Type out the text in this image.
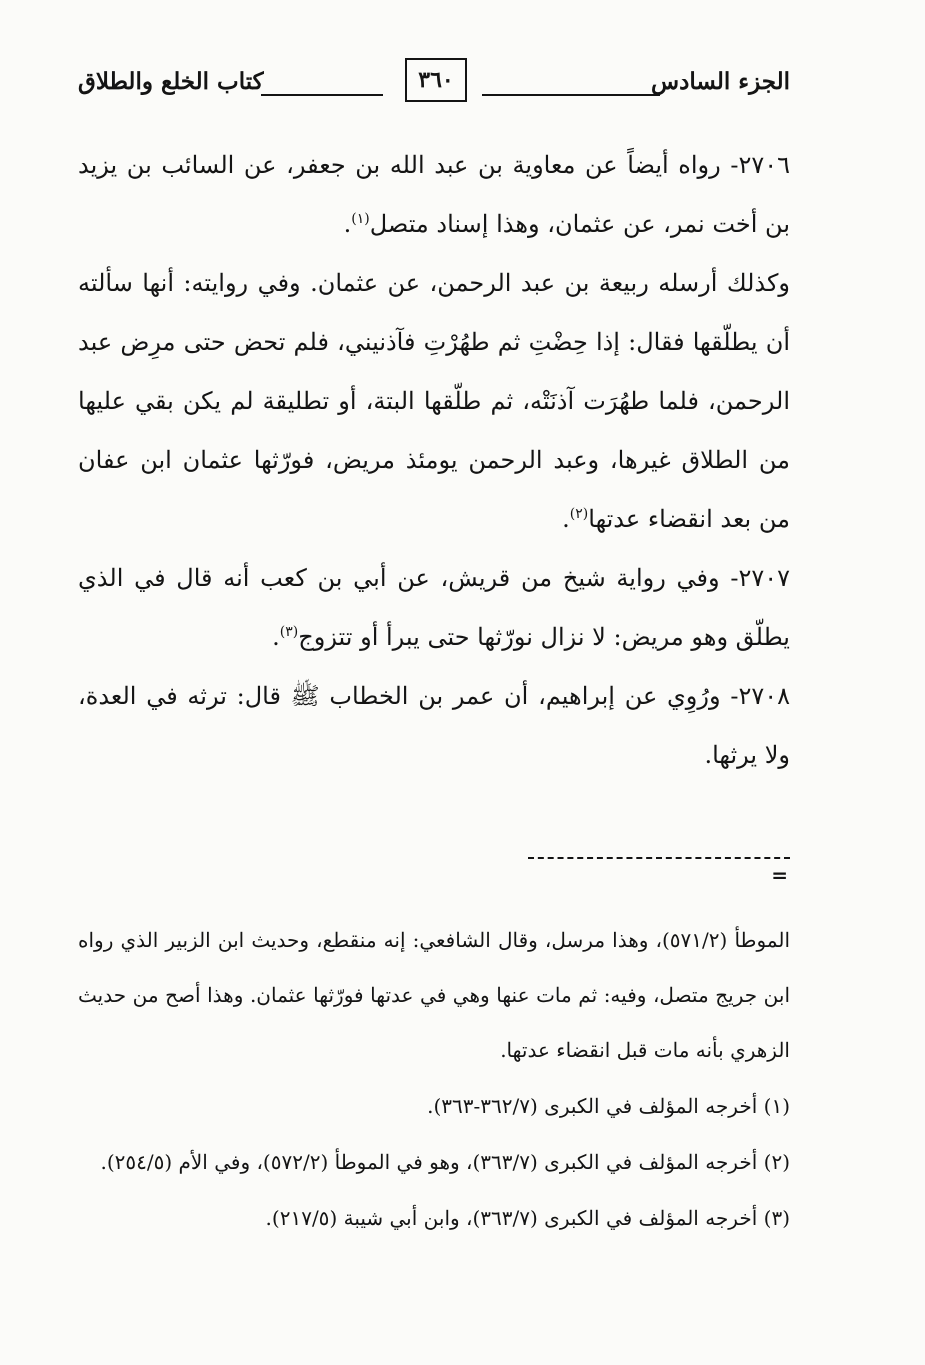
الجزء السادس
٣٦٠
كتاب الخلع والطلاق

٢٧٠٦- رواه أيضاً عن معاوية بن عبد الله بن جعفر، عن السائب بن يزيد بن أخت نمر، عن عثمان، وهذا إسناد متصل$^{(١)}$.

وكذلك أرسله ربيعة بن عبد الرحمن، عن عثمان. وفي روايته: أنها سألته أن يطلّقها فقال: إذا حِضْتِ ثم طهُرْتِ فآذنيني، فلم تحض حتى مرِض عبد الرحمن، فلما طهُرَت آذنَتْه، ثم طلّقها البتة، أو تطليقة لم يكن بقي عليها من الطلاق غيرها، وعبد الرحمن يومئذ مريض، فورّثها عثمان ابن عفان من بعد انقضاء عدتها$^{(٢)}$.

٢٧٠٧- وفي رواية شيخ من قريش، عن أبي بن كعب أنه قال في الذي يطلّق وهو مريض: لا نزال نورّثها حتى يبرأ أو تتزوج$^{(٣)}$.

٢٧٠٨- ورُوِي عن إبراهيم، أن عمر بن الخطاب ﷺ قال: ترثه في العدة، ولا يرثها.

=

الموطأ (٥٧١/٢)، وهذا مرسل، وقال الشافعي: إنه منقطع، وحديث ابن الزبير الذي رواه ابن جريج متصل، وفيه: ثم مات عنها وهي في عدتها فورّثها عثمان. وهذا أصح من حديث الزهري بأنه مات قبل انقضاء عدتها.

(١) أخرجه المؤلف في الكبرى (٣٦٢/٧-٣٦٣).

(٢) أخرجه المؤلف في الكبرى (٣٦٣/٧)، وهو في الموطأ (٥٧٢/٢)، وفي الأم (٢٥٤/٥).

(٣) أخرجه المؤلف في الكبرى (٣٦٣/٧)، وابن أبي شيبة (٢١٧/٥).
